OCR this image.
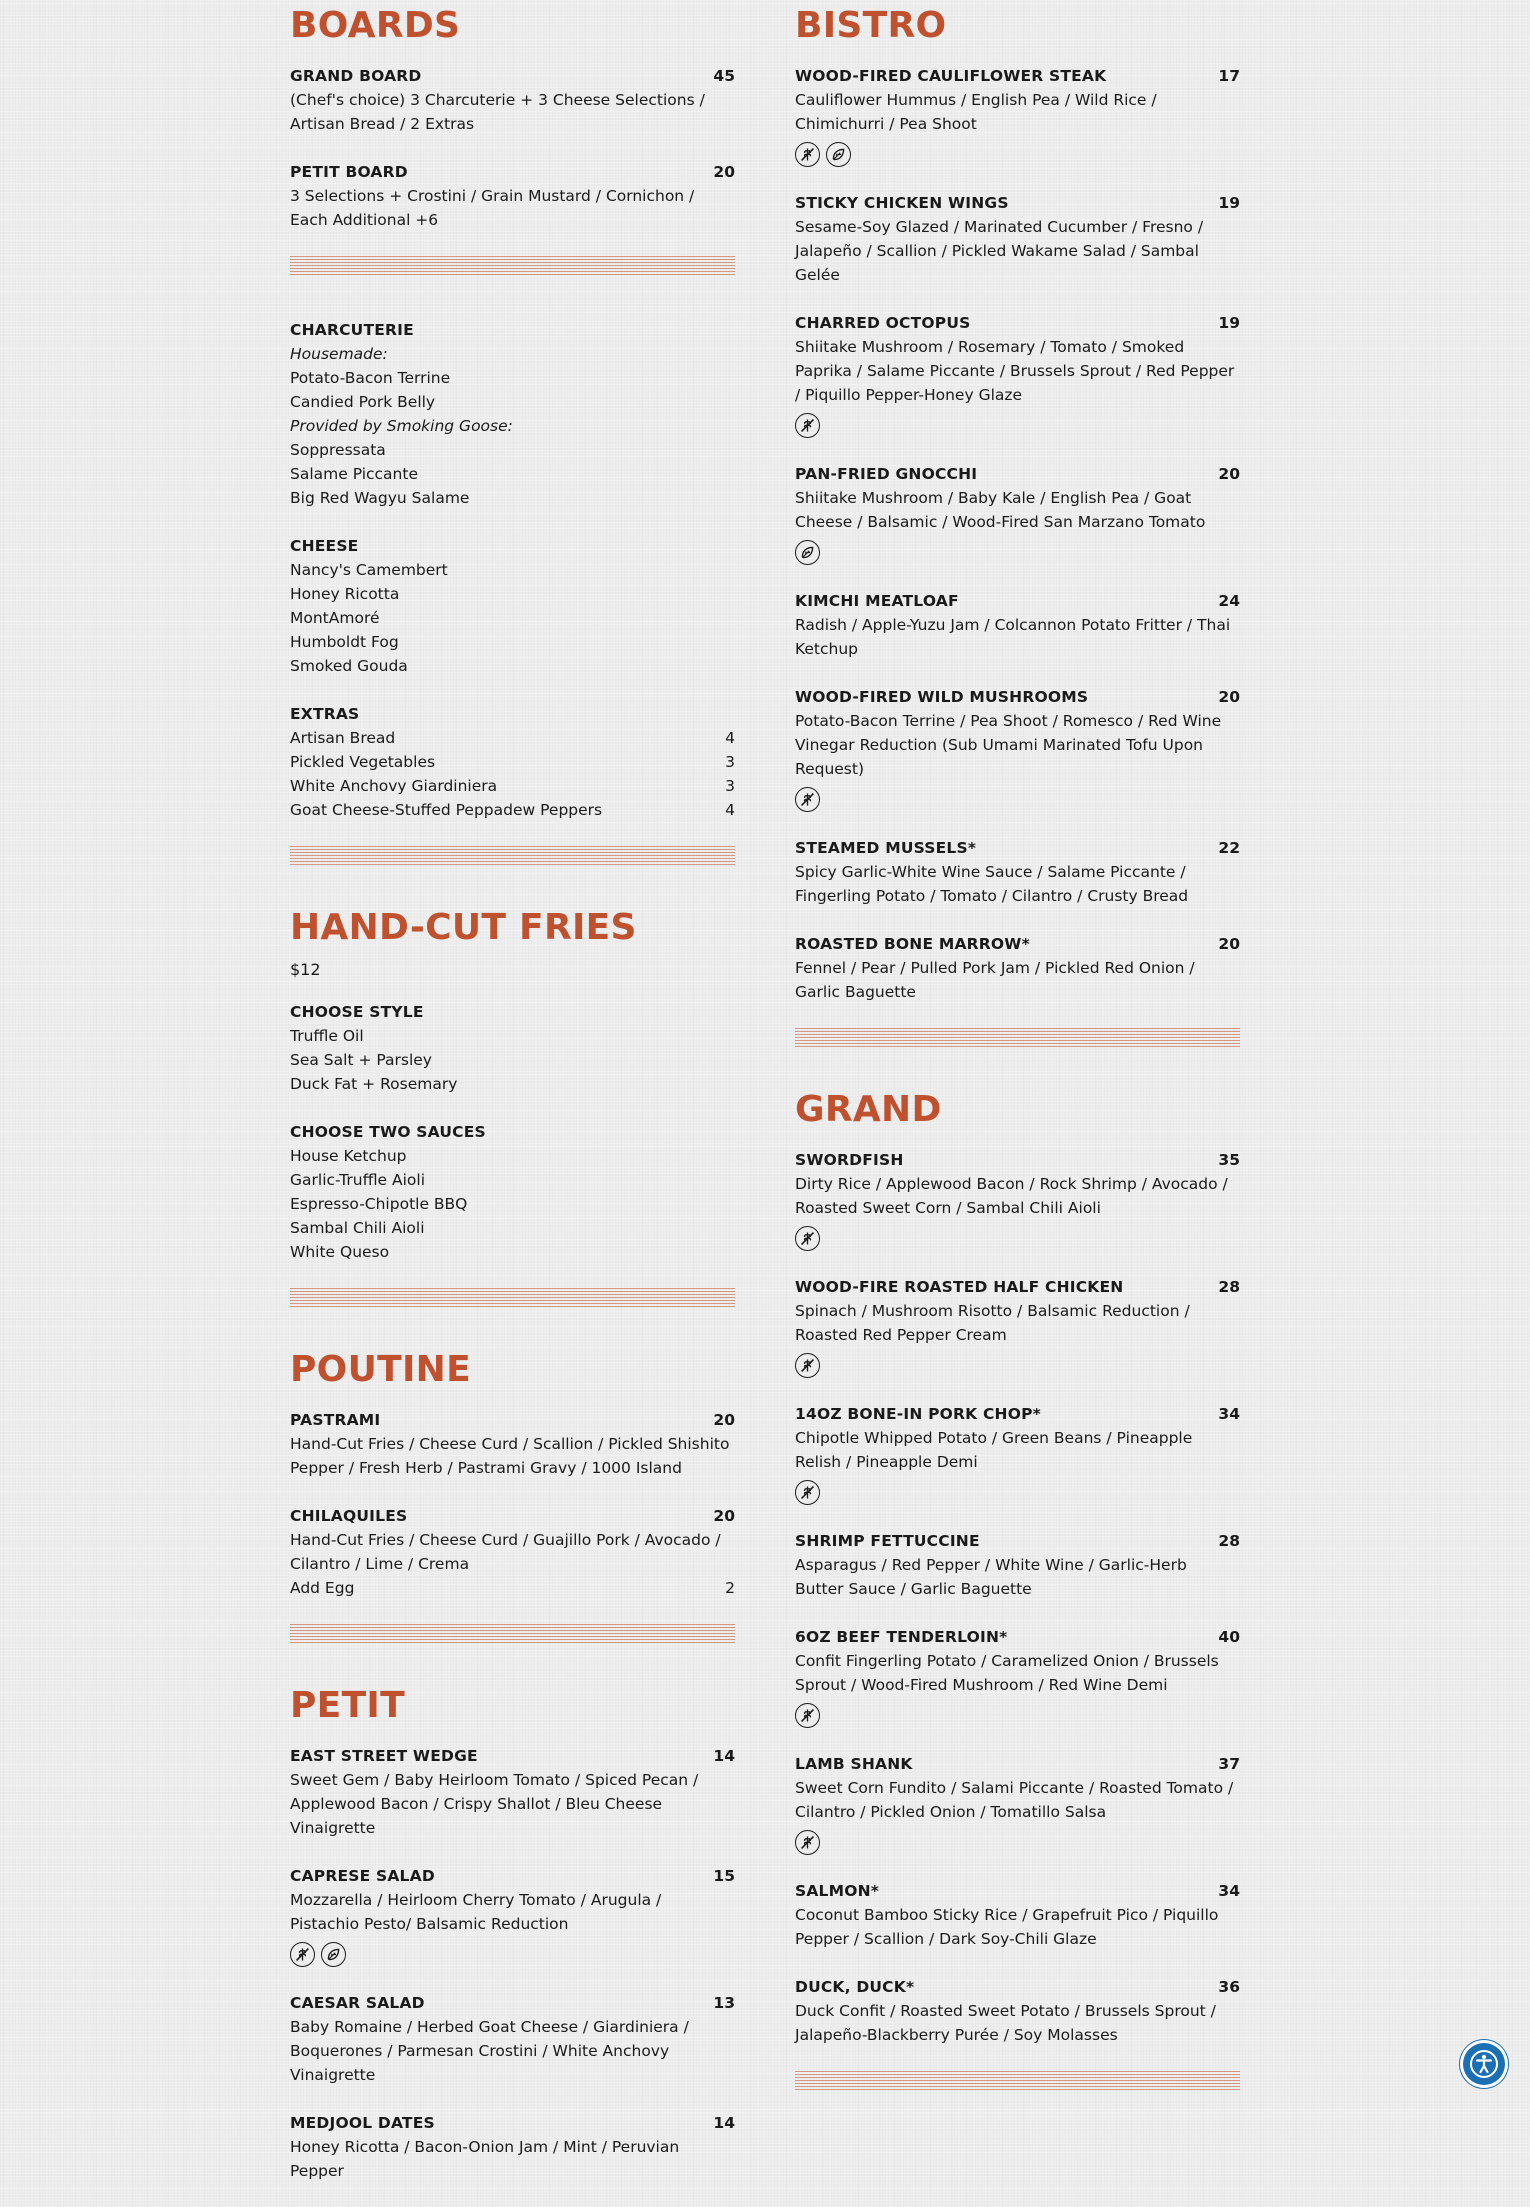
BOARDS
GRAND BOARD	45
(Chef's choice) 3 Charcuterie + 3 Cheese Selections / Artisan Bread / 2 Extras
PETIT BOARD	20
3 Selections + Crostini / Grain Mustard / Cornichon / Each Additional +6
CHARCUTERIE
Housemade:
Potato-Bacon Terrine
Candied Pork Belly
Provided by Smoking Goose:
Soppressata
Salame Piccante
Big Red Wagyu Salame
CHEESE
Nancy's Camembert
Honey Ricotta
MontAmoré
Humboldt Fog
Smoked Gouda
EXTRAS
Artisan Bread	4
Pickled Vegetables	3
White Anchovy Giardiniera	3
Goat Cheese-Stuffed Peppadew Peppers	4
HAND-CUT FRIES
$12
CHOOSE STYLE
Truffle Oil
Sea Salt + Parsley
Duck Fat + Rosemary
CHOOSE TWO SAUCES
House Ketchup
Garlic-Truffle Aioli
Espresso-Chipotle BBQ
Sambal Chili Aioli
White Queso
POUTINE
PASTRAMI	20
Hand-Cut Fries / Cheese Curd / Scallion / Pickled Shishito Pepper / Fresh Herb / Pastrami Gravy / 1000 Island
CHILAQUILES	20
Hand-Cut Fries / Cheese Curd / Guajillo Pork / Avocado / Cilantro / Lime / Crema
Add Egg	2
PETIT
EAST STREET WEDGE	14
Sweet Gem / Baby Heirloom Tomato / Spiced Pecan / Applewood Bacon / Crispy Shallot / Bleu Cheese Vinaigrette
CAPRESE SALAD	15
Mozzarella / Heirloom Cherry Tomato / Arugula / Pistachio Pesto/ Balsamic Reduction
CAESAR SALAD	13
Baby Romaine / Herbed Goat Cheese / Giardiniera / Boquerones / Parmesan Crostini / White Anchovy Vinaigrette
MEDJOOL DATES	14
Honey Ricotta / Bacon-Onion Jam / Mint / Peruvian Pepper
BISTRO
WOOD-FIRED CAULIFLOWER STEAK	17
Cauliflower Hummus / English Pea / Wild Rice / Chimichurri / Pea Shoot
STICKY CHICKEN WINGS	19
Sesame-Soy Glazed / Marinated Cucumber / Fresno / Jalapeño / Scallion / Pickled Wakame Salad / Sambal Gelée
CHARRED OCTOPUS	19
Shiitake Mushroom / Rosemary / Tomato / Smoked Paprika / Salame Piccante / Brussels Sprout / Red Pepper / Piquillo Pepper-Honey Glaze
PAN-FRIED GNOCCHI	20
Shiitake Mushroom / Baby Kale / English Pea / Goat Cheese / Balsamic / Wood-Fired San Marzano Tomato
KIMCHI MEATLOAF	24
Radish / Apple-Yuzu Jam / Colcannon Potato Fritter / Thai Ketchup
WOOD-FIRED WILD MUSHROOMS	20
Potato-Bacon Terrine / Pea Shoot / Romesco / Red Wine Vinegar Reduction (Sub Umami Marinated Tofu Upon Request)
STEAMED MUSSELS*	22
Spicy Garlic-White Wine Sauce / Salame Piccante / Fingerling Potato / Tomato / Cilantro / Crusty Bread
ROASTED BONE MARROW*	20
Fennel / Pear / Pulled Pork Jam / Pickled Red Onion / Garlic Baguette
GRAND
SWORDFISH	35
Dirty Rice / Applewood Bacon / Rock Shrimp / Avocado / Roasted Sweet Corn / Sambal Chili Aioli
WOOD-FIRE ROASTED HALF CHICKEN	28
Spinach / Mushroom Risotto / Balsamic Reduction / Roasted Red Pepper Cream
14OZ BONE-IN PORK CHOP*	34
Chipotle Whipped Potato / Green Beans / Pineapple Relish / Pineapple Demi
SHRIMP FETTUCCINE	28
Asparagus / Red Pepper / White Wine / Garlic-Herb Butter Sauce / Garlic Baguette
6OZ BEEF TENDERLOIN*	40
Confit Fingerling Potato / Caramelized Onion / Brussels Sprout / Wood-Fired Mushroom / Red Wine Demi
LAMB SHANK	37
Sweet Corn Fundito / Salami Piccante / Roasted Tomato / Cilantro / Pickled Onion / Tomatillo Salsa
SALMON*	34
Coconut Bamboo Sticky Rice / Grapefruit Pico / Piquillo Pepper / Scallion / Dark Soy-Chili Glaze
DUCK, DUCK*	36
Duck Confit / Roasted Sweet Potato / Brussels Sprout / Jalapeño-Blackberry Purée / Soy Molasses
